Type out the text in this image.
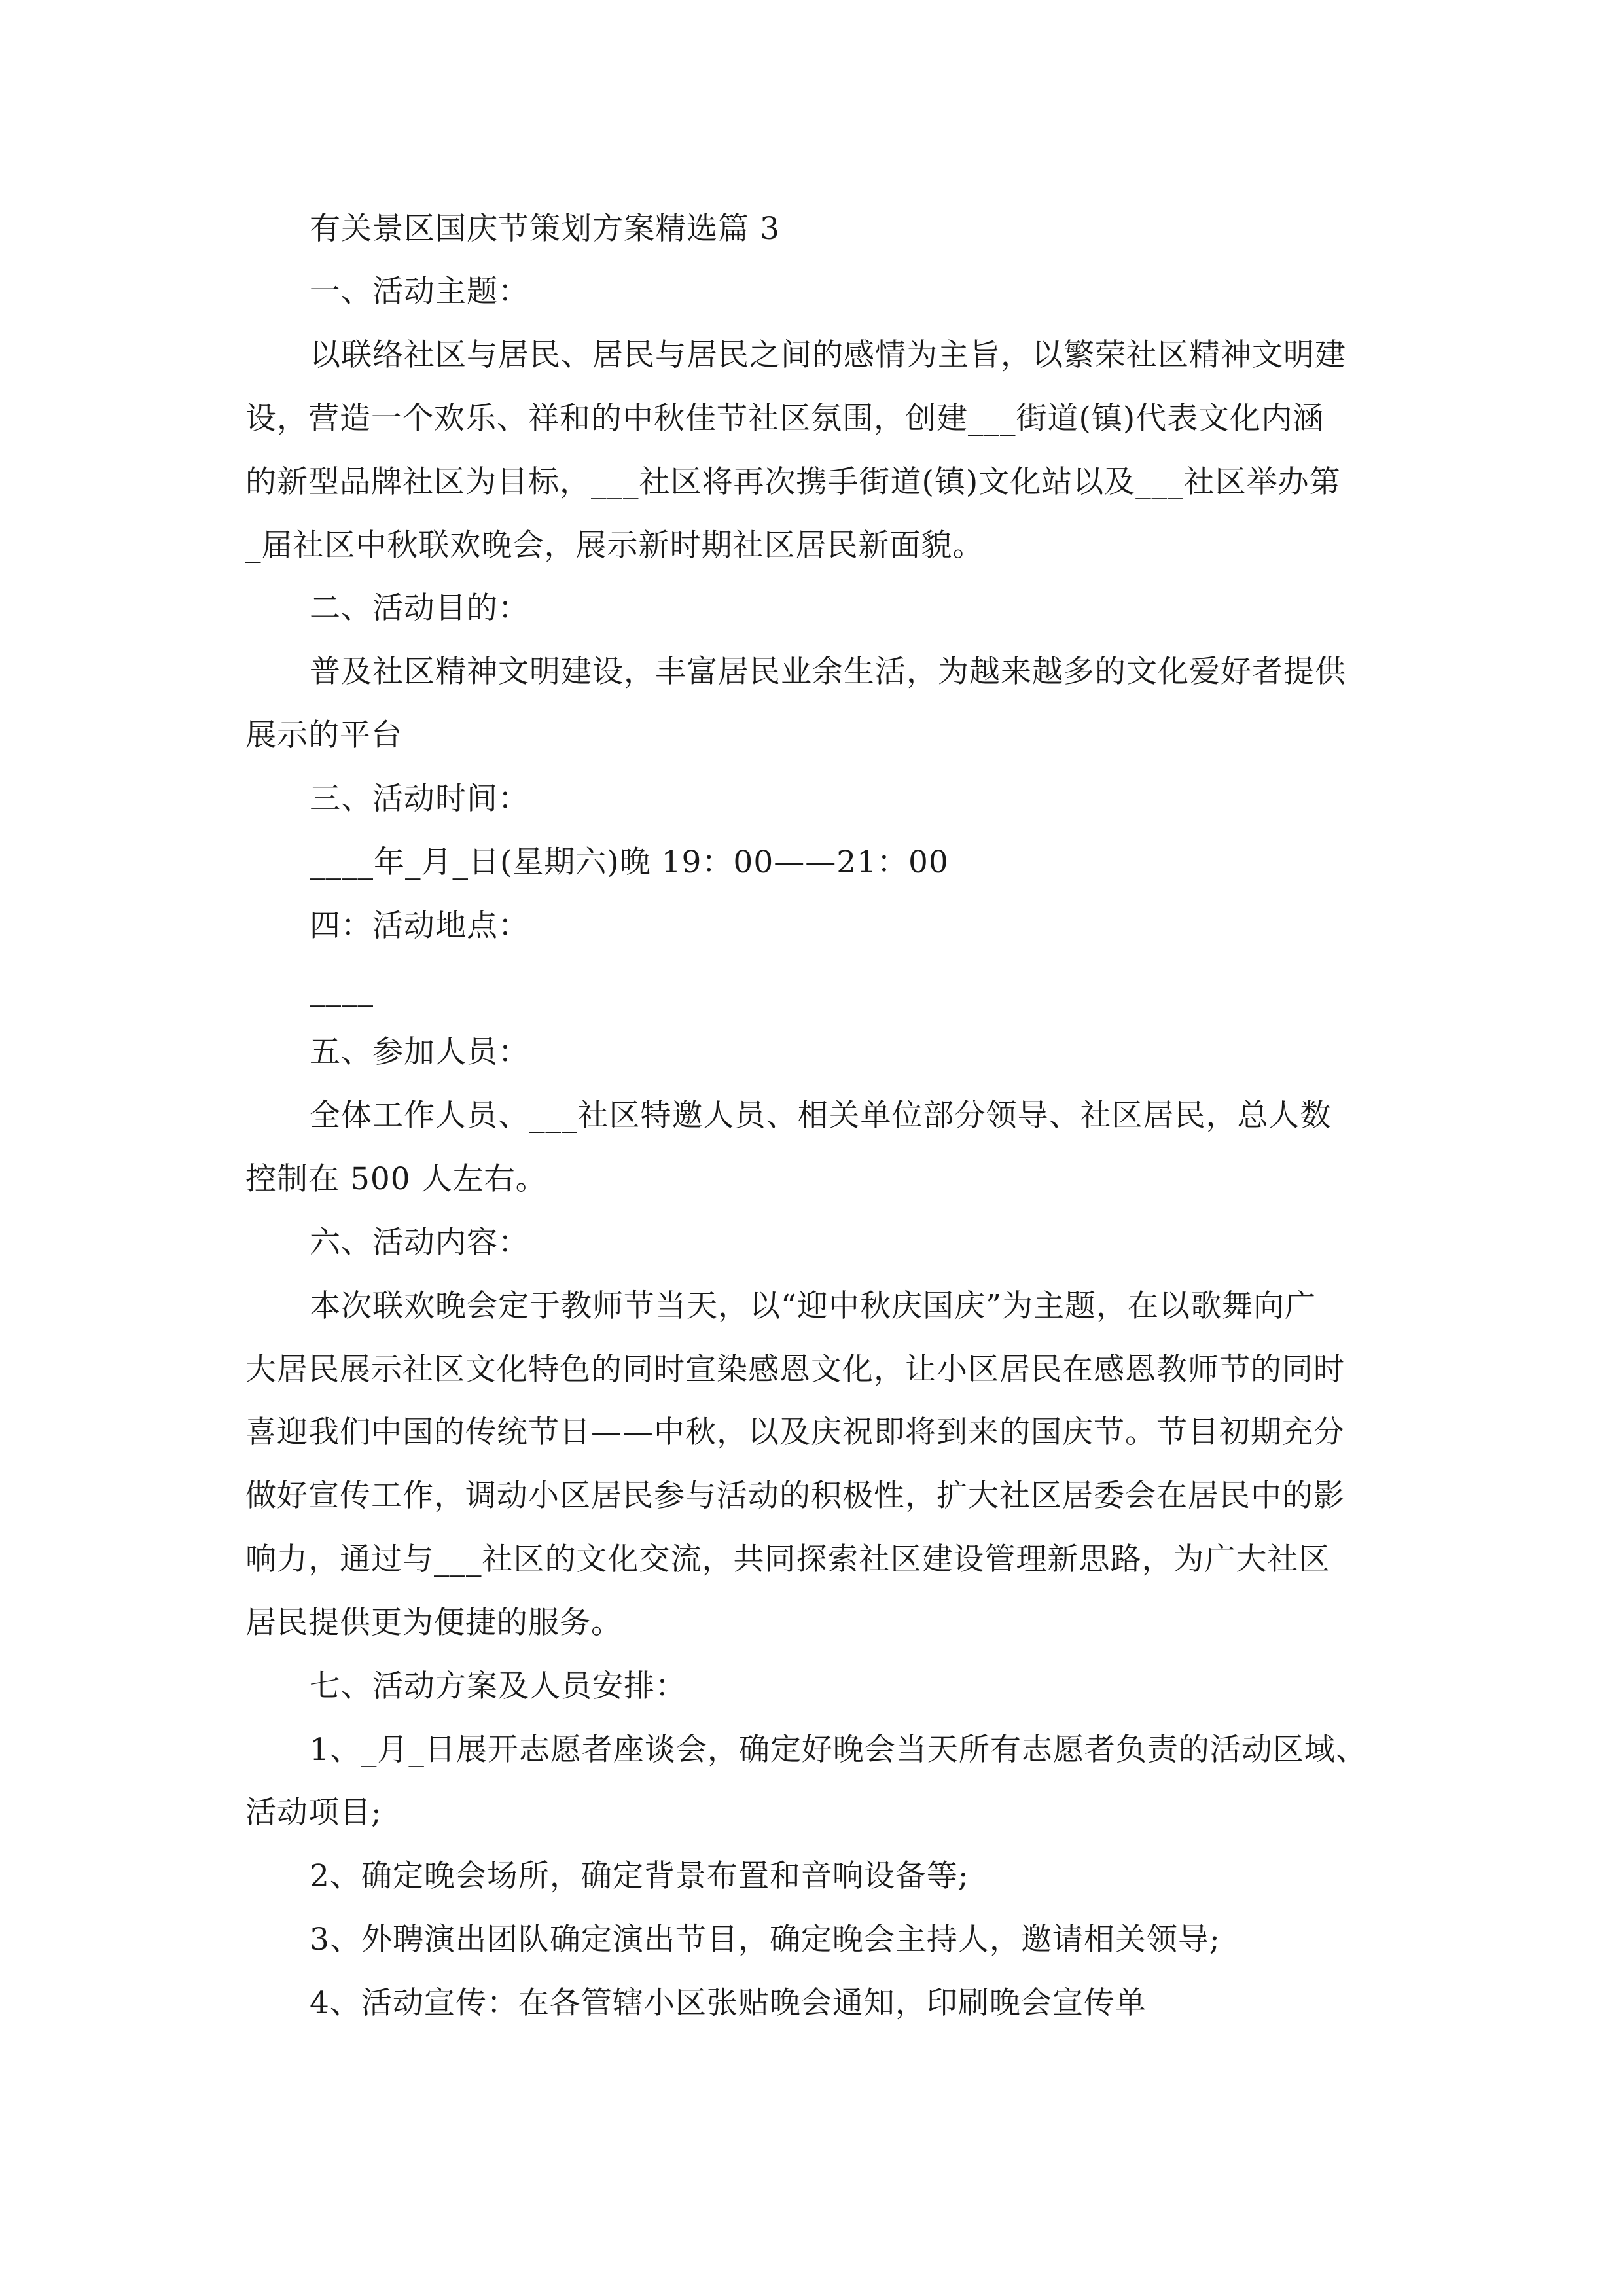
有关景区国庆节策划方案精选篇 3
一、活动主题：
以联络社区与居民、居民与居民之间的感情为主旨，以繁荣社区精神文明建
设，营造一个欢乐、祥和的中秋佳节社区氛围，创建___街道(镇)代表文化内涵
的新型品牌社区为目标，___社区将再次携手街道(镇)文化站以及___社区举办第
_届社区中秋联欢晚会，展示新时期社区居民新面貌。
二、活动目的：
普及社区精神文明建设，丰富居民业余生活，为越来越多的文化爱好者提供
展示的平台
三、活动时间：
____年_月_日(星期六)晚 19：00——21：00
四：活动地点：
____
五、参加人员：
全体工作人员、___社区特邀人员、相关单位部分领导、社区居民，总人数
控制在 500 人左右。
六、活动内容：
本次联欢晚会定于教师节当天，以“迎中秋庆国庆”为主题，在以歌舞向广
大居民展示社区文化特色的同时宣染感恩文化，让小区居民在感恩教师节的同时
喜迎我们中国的传统节日——中秋，以及庆祝即将到来的国庆节。节目初期充分
做好宣传工作，调动小区居民参与活动的积极性，扩大社区居委会在居民中的影
响力，通过与___社区的文化交流，共同探索社区建设管理新思路，为广大社区
居民提供更为便捷的服务。
七、活动方案及人员安排：
1、_月_日展开志愿者座谈会，确定好晚会当天所有志愿者负责的活动区域、
活动项目;
2、确定晚会场所，确定背景布置和音响设备等;
3、外聘演出团队确定演出节目，确定晚会主持人，邀请相关领导;
4、活动宣传：在各管辖小区张贴晚会通知，印刷晚会宣传单
